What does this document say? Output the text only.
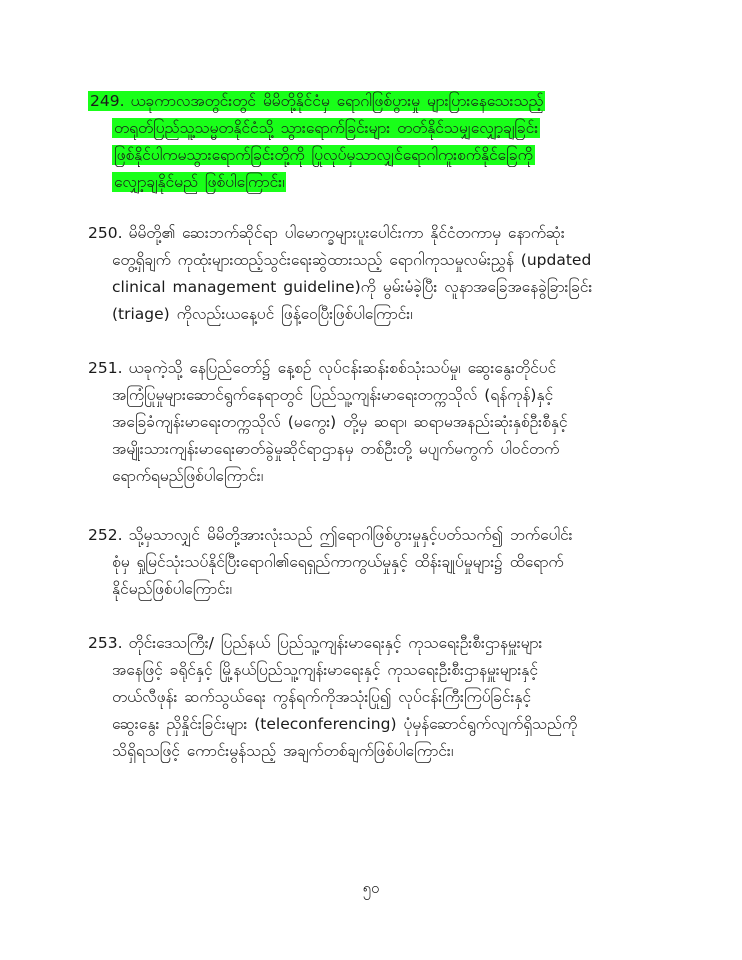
249. ယခုကာလအတွင်းတွင် မိမိတို့နိုင်ငံမှ ရောဂါဖြစ်ပွားမှု များပြားနေသေးသည့်
တရုတ်ပြည်သူ့သမ္မတနိုင်ငံသို့ သွားရောက်ခြင်းများ တတ်နိုင်သမျှလျှော့ချခြင်း
ဖြစ်နိုင်ပါကမသွားရောက်ခြင်းတို့ကို ပြုလုပ်မှသာလျှင်ရောဂါကူးစက်နိုင်ခြေကို
လျှော့ချနိုင်မည် ဖြစ်ပါကြောင်း၊
250. မိမိတို့၏ ဆေးဘက်ဆိုင်ရာ ပါမောက္ခများပူးပေါင်းကာ နိုင်ငံတကာမှ နောက်ဆုံး
တွေ့ရှိချက် ကုထုံးများထည့်သွင်းရေးဆွဲထားသည့် ရောဂါကုသမှုလမ်းညွှန် (updated
clinical management guideline)ကို မွမ်းမံခဲ့ပြီး လူနာအခြေအနေခွဲခြားခြင်း
(triage) ကိုလည်းယနေ့ပင် ဖြန့်ဝေပြီးဖြစ်ပါကြောင်း၊
251. ယခုကဲ့သို့ နေပြည်တော်၌ နေ့စဉ် လုပ်ငန်းဆန်းစစ်သုံးသပ်မှု၊ ဆွေးနွေးတိုင်ပင်
အကြံပြုမှုများဆောင်ရွက်နေရာတွင် ပြည်သူ့ကျန်းမာရေးတက္ကသိုလ် (ရန်ကုန်)နှင့်
အခြေခံကျန်းမာရေးတက္ကသိုလ် (မကွေး) တို့မှ ဆရာ၊ ဆရာမအနည်းဆုံးနှစ်ဦးစီနှင့်
အမျိုးသားကျန်းမာရေးဓာတ်ခွဲမှုဆိုင်ရာဌာနမှ တစ်ဦးတို့ မပျက်မကွက် ပါဝင်တက်
ရောက်ရမည်ဖြစ်ပါကြောင်း၊
252. သို့မှသာလျှင် မိမိတို့အားလုံးသည် ဤရောဂါဖြစ်ပွားမှုနှင့်ပတ်သက်၍ ဘက်ပေါင်း
စုံမှ ရှုမြင်သုံးသပ်နိုင်ပြီးရောဂါ၏ရေရှည်ကာကွယ်မှုနှင့် ထိန်းချုပ်မှုများ၌ ထိရောက်
နိုင်မည်ဖြစ်ပါကြောင်း၊
253. တိုင်းဒေသကြီး/ ပြည်နယ် ပြည်သူ့ကျန်းမာရေးနှင့် ကုသရေးဦးစီးဌာနမှူးများ
အနေဖြင့် ခရိုင်နှင့် မြို့နယ်ပြည်သူ့ကျန်းမာရေးနှင့် ကုသရေးဦးစီးဌာနမှူးများနှင့်
တယ်လီဖုန်း ဆက်သွယ်ရေး ကွန်ရက်ကိုအသုံးပြု၍ လုပ်ငန်းကြီးကြပ်ခြင်းနှင့်
ဆွေးနွေး ညှိနှိုင်းခြင်းများ (teleconferencing) ပုံမှန်ဆောင်ရွက်လျက်ရှိသည်ကို
သိရှိရသဖြင့် ကောင်းမွန်သည့် အချက်တစ်ချက်ဖြစ်ပါကြောင်း၊
၅၀
